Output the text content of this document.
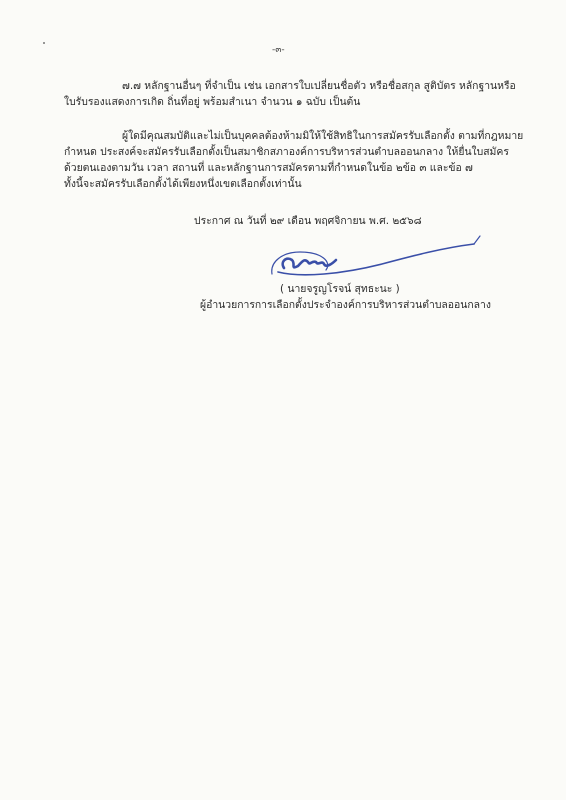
-๓-
๗.๗ หลักฐานอื่นๆ ที่จำเป็น เช่น เอกสารใบเปลี่ยนชื่อตัว หรือชื่อสกุล สูติบัตร หลักฐานหรือ
ใบรับรองแสดงการเกิด ถิ่นที่อยู่ พร้อมสำเนา จำนวน ๑ ฉบับ เป็นต้น
ผู้ใดมีคุณสมบัติและไม่เป็นบุคคลต้องห้ามมิให้ใช้สิทธิในการสมัครรับเลือกตั้ง ตามที่กฎหมาย
กำหนด ประสงค์จะสมัครรับเลือกตั้งเป็นสมาชิกสภาองค์การบริหารส่วนตำบลออนกลาง ให้ยื่นใบสมัคร
ด้วยตนเองตามวัน เวลา สถานที่ และหลักฐานการสมัครตามที่กำหนดในข้อ ๒ข้อ ๓ และข้อ ๗
ทั้งนี้จะสมัครรับเลือกตั้งได้เพียงหนึ่งเขตเลือกตั้งเท่านั้น
ประกาศ ณ วันที่ ๒๙ เดือน พฤศจิกายน พ.ศ. ๒๕๖๘
( นายจรูญโรจน์ สุทธะนะ )
ผู้อำนวยการการเลือกตั้งประจำองค์การบริหารส่วนตำบลออนกลาง
